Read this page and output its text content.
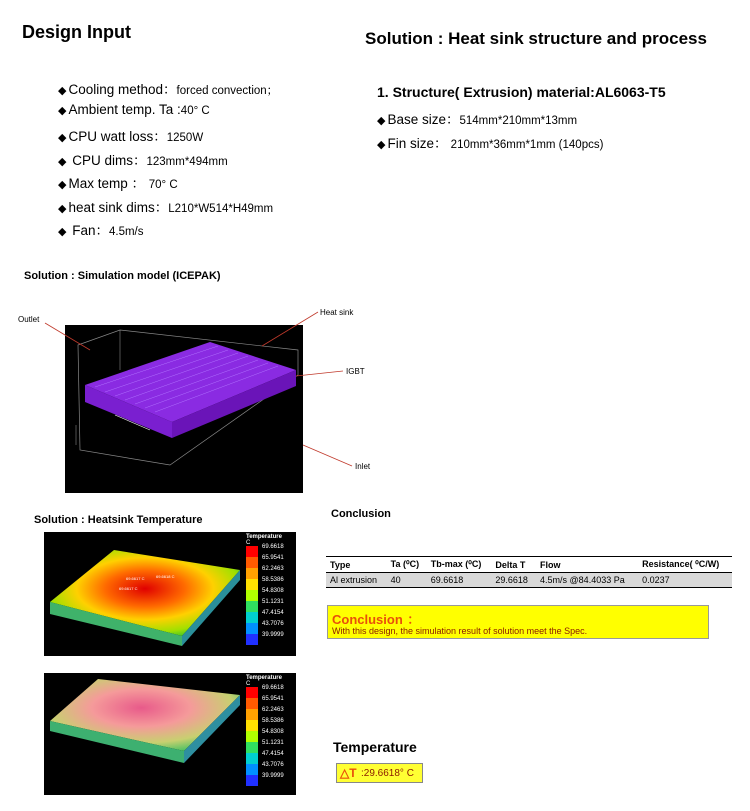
Design Input
◆ Cooling method：forced convection；
◆ Ambient temp. Ta :40° C
◆ CPU watt loss：1250W
◆ CPU dims：123mm*494mm
◆ Max temp ： 70° C
◆ heat sink dims：L210*W514*H49mm
◆ Fan：4.5m/s
Solution : Heat sink structure and process
1. Structure( Extrusion) material:AL6063-T5
◆ Base size：514mm*210mm*13mm
◆ Fin size： 210mm*36mm*1mm (140pcs)
Solution : Simulation model (ICEPAK)
Outlet
Heat sink
IGBT
Inlet
Solution : Heatsink Temperature
69.6617 C	69.6618 C
69.6617 C
Temperature
C
69.6618
65.9541
62.2463
58.5386
54.8308
51.1231
47.4154
43.7076
39.9999
Temperature
C
69.6618
65.9541
62.2463
58.5386
54.8308
51.1231
47.4154
43.7076
39.9999
Conclusion
Type	Ta (⁰C)	Tb-max (⁰C)	Delta T	Flow	Resistance( ⁰C/W)
Al extrusion	40	69.6618	29.6618	4.5m/s @84.4033 Pa	0.0237
Conclusion ：
With this design, the simulation result of solution meet the Spec.
Temperature
△T :29.6618° C
